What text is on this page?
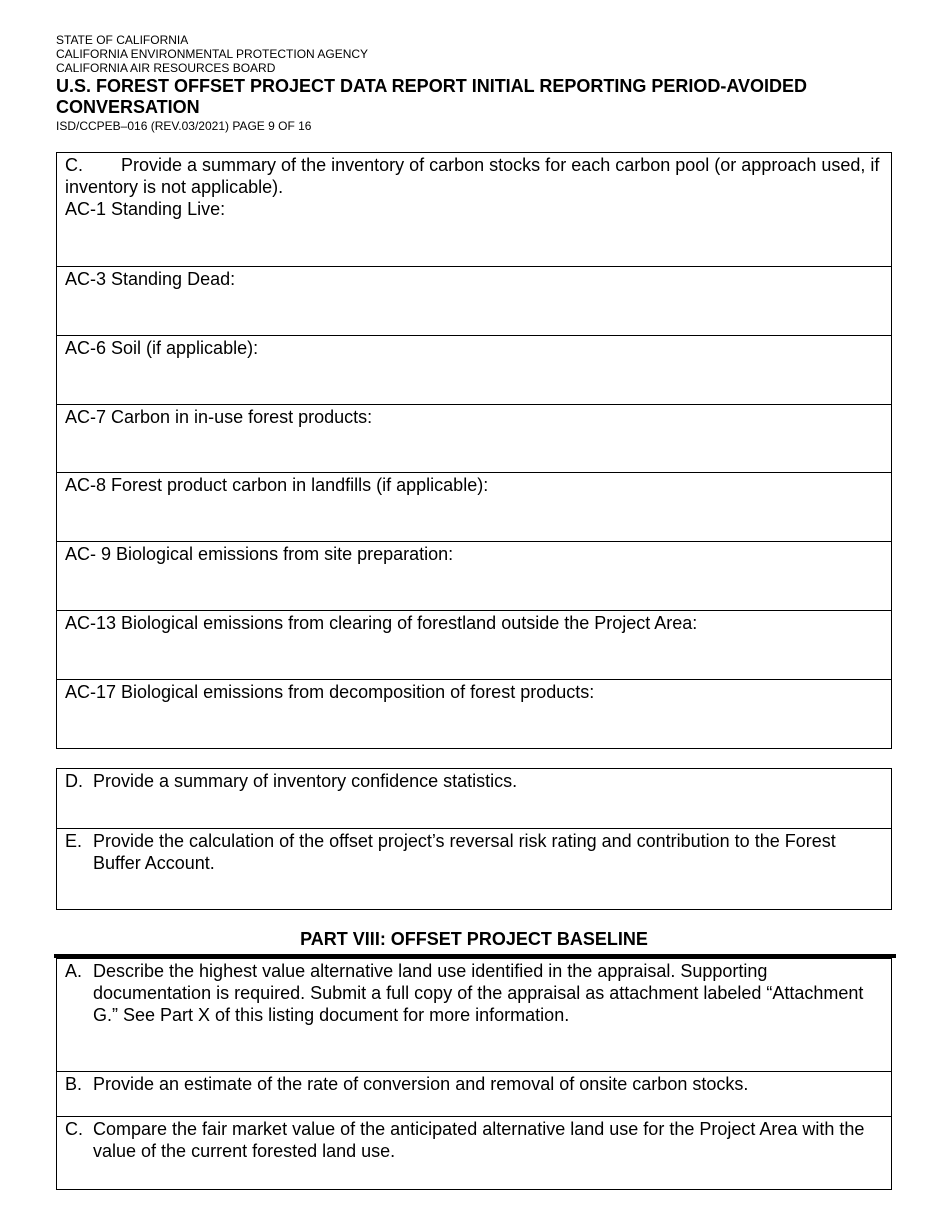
STATE OF CALIFORNIA
CALIFORNIA ENVIRONMENTAL PROTECTION AGENCY
CALIFORNIA AIR RESOURCES BOARD
U.S. FOREST OFFSET PROJECT DATA REPORT INITIAL REPORTING PERIOD-AVOIDED CONVERSATION
ISD/CCPEB–016 (REV.03/2021) PAGE 9 OF 16
C. Provide a summary of the inventory of carbon stocks for each carbon pool (or approach used, if inventory is not applicable).
AC-1 Standing Live:
AC-3 Standing Dead:
AC-6 Soil (if applicable):
AC-7 Carbon in in-use forest products:
AC-8 Forest product carbon in landfills (if applicable):
AC- 9 Biological emissions from site preparation:
AC-13 Biological emissions from clearing of forestland outside the Project Area:
AC-17 Biological emissions from decomposition of forest products:
D. Provide a summary of inventory confidence statistics.
E. Provide the calculation of the offset project’s reversal risk rating and contribution to the Forest Buffer Account.
PART VIII: OFFSET PROJECT BASELINE
A. Describe the highest value alternative land use identified in the appraisal. Supporting documentation is required. Submit a full copy of the appraisal as attachment labeled “Attachment G.” See Part X of this listing document for more information.
B. Provide an estimate of the rate of conversion and removal of onsite carbon stocks.
C. Compare the fair market value of the anticipated alternative land use for the Project Area with the value of the current forested land use.
